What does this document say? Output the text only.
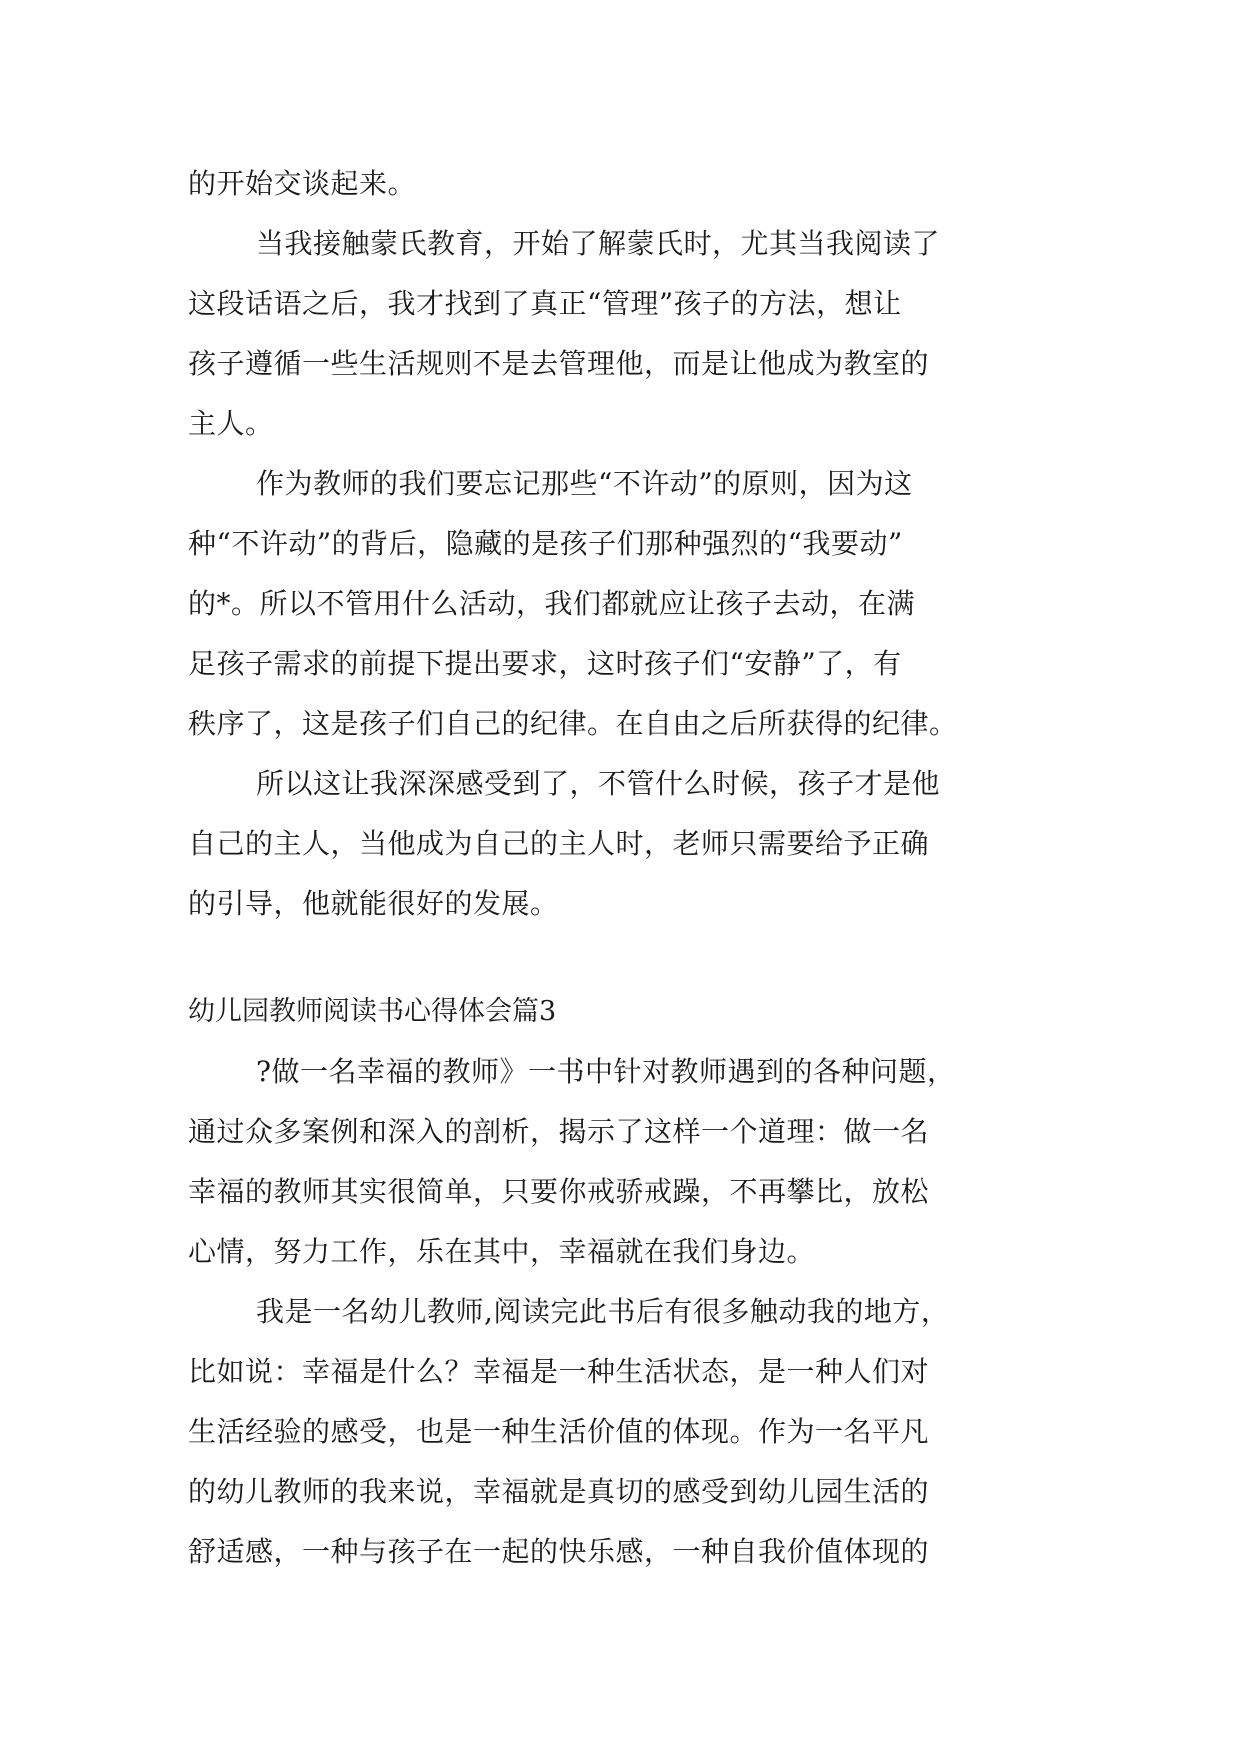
的开始交谈起来。
当我接触蒙氏教育，开始了解蒙氏时，尤其当我阅读了
这段话语之后，我才找到了真正“管理”孩子的方法，想让
孩子遵循一些生活规则不是去管理他，而是让他成为教室的
主人。
作为教师的我们要忘记那些“不许动”的原则，因为这
种“不许动”的背后，隐藏的是孩子们那种强烈的“我要动”
的*。所以不管用什么活动，我们都就应让孩子去动，在满
足孩子需求的前提下提出要求，这时孩子们“安静”了，有
秩序了，这是孩子们自己的纪律。在自由之后所获得的纪律。
所以这让我深深感受到了，不管什么时候，孩子才是他
自己的主人，当他成为自己的主人时，老师只需要给予正确
的引导，他就能很好的发展。
幼儿园教师阅读书心得体会篇3
?做一名幸福的教师》一书中针对教师遇到的各种问题，
通过众多案例和深入的剖析，揭示了这样一个道理：做一名
幸福的教师其实很简单，只要你戒骄戒躁，不再攀比，放松
心情，努力工作，乐在其中，幸福就在我们身边。
我是一名幼儿教师,阅读完此书后有很多触动我的地方，
比如说：幸福是什么？幸福是一种生活状态，是一种人们对
生活经验的感受，也是一种生活价值的体现。作为一名平凡
的幼儿教师的我来说，幸福就是真切的感受到幼儿园生活的
舒适感，一种与孩子在一起的快乐感，一种自我价值体现的
